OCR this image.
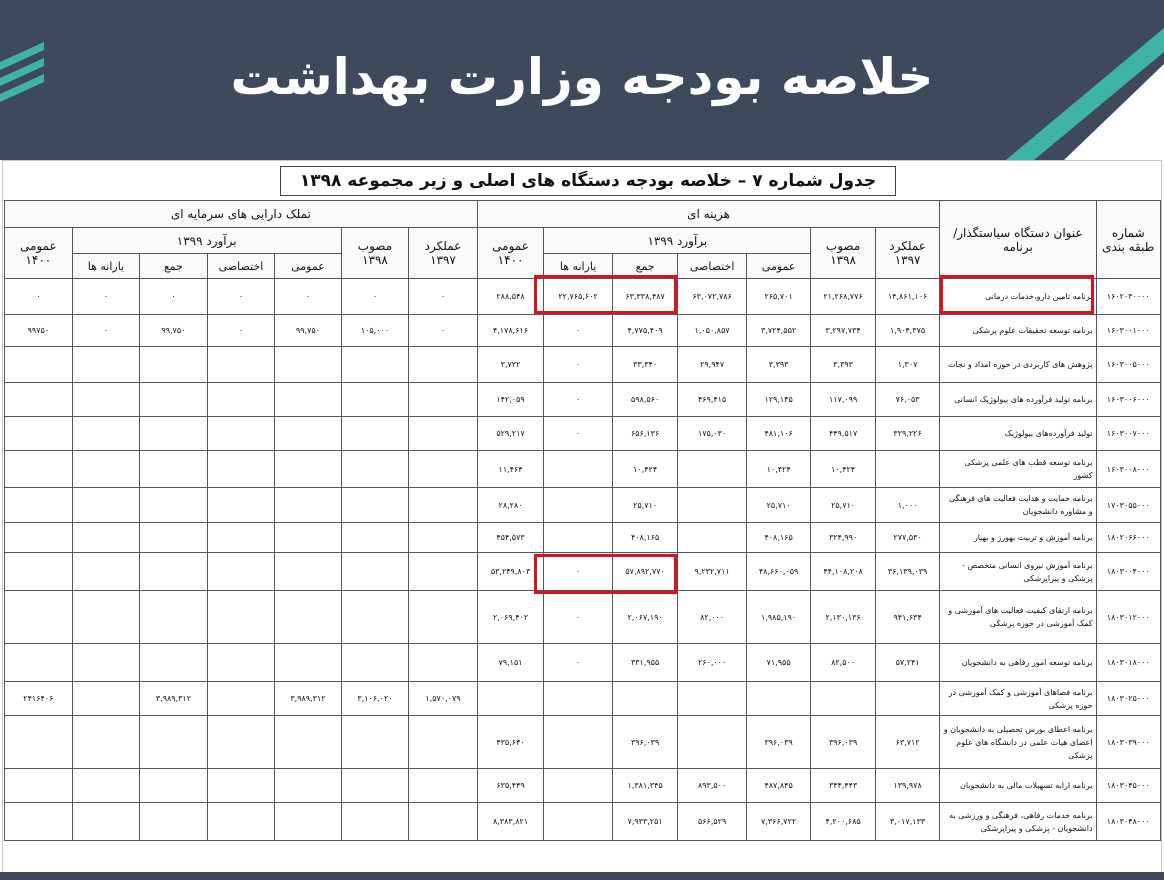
خلاصه بودجه وزارت بهداشت
جدول شماره ۷ – خلاصه بودجه دستگاه های اصلی و زیر مجموعه ۱۳۹۸
شماره طبقه بندی	عنوان دستگاه سیاستگذار/برنامه	هزینه ای							تملک دارایی های سرمایه ای						
		عملکرد ۱۳۹۷	مصوب ۱۳۹۸	برآورد ۱۳۹۹				عمومی ۱۴۰۰	عملکرد ۱۳۹۷	مصوب ۱۳۹۸	برآورد ۱۳۹۹				عمومی ۱۴۰۰
				عمومی	اختصاصی	جمع	یارانه ها				عمومی	اختصاصی	جمع	یارانه ها	
۱۶۰۲۰۳۰۰۰۰	برنامه تامین دارو،خدمات درمانی	۱۴,۸۶۱,۱۰۶	۲۱,۲۶۸,۷۷۶	۲۶۵,۷۰۱	۶۳,۰۷۲,۷۸۶	۶۳,۳۳۸,۴۸۷	۲۲,۷۶۵,۶۰۲	۲۸۸,۵۴۸	۰	۰	۰	۰	۰	۰	۰
۱۶۰۳۰۰۱۰۰۰	برنامه توسعه تحقیقات علوم پزشکی	۱,۹۰۴,۳۷۵	۳,۲۹۷,۷۳۴	۳,۷۲۴,۵۵۲	۱,۰۵۰,۸۵۷	۴,۷۷۵,۴۰۹	۰	۴,۱۷۸,۶۱۶	۰	۱۰۵,۰۰۰	۹۹,۷۵۰	۰	۹۹,۷۵۰	۰	۹۹۷۵۰
۱۶۰۳۰۰۵۰۰۰	پژوهش های کاربردی در حوزه امداد و نجات	۱,۳۰۷	۳,۳۹۳	۳,۳۹۳	۲۹,۹۴۷	۳۳,۳۴۰	۰	۳,۷۳۲							
۱۶۰۳۰۰۶۰۰۰	برنامه تولید فرآورده های بیولوژیک انسانی	۷۶,۰۵۳	۱۱۷,۰۹۹	۱۲۹,۱۴۵	۴۶۹,۴۱۵	۵۹۸,۵۶۰	۰	۱۴۲,۰۵۹							
۱۶۰۳۰۰۷۰۰۰	تولید فرآورده‌های بیولوژیک	۳۲۹,۲۲۶	۴۴۹,۵۱۷	۴۸۱,۱۰۶	۱۷۵,۰۳۰	۶۵۶,۱۳۶	۰	۵۲۹,۲۱۷							
۱۶۰۳۰۰۸۰۰۰	برنامه توسعه قطب های علمی پزشکی کشور		۱۰,۴۲۴	۱۰,۴۲۴		۱۰,۴۲۴		۱۱,۴۶۴							
۱۷۰۳۰۵۵۰۰۰	برنامه حمایت و هدایت فعالیت های فرهنگی و مشاوره دانشجویان	۱,۰۰۰	۲۵,۷۱۰	۲۵,۷۱۰		۲۵,۷۱۰		۲۸,۲۸۰							
۱۸۰۲۰۶۶۰۰۰	برنامه آموزش و تربیت بهورز و بهیار	۲۷۷,۵۳۰	۳۲۴,۹۹۰	۴۰۸,۱۶۵		۴۰۸,۱۶۵		۴۵۴,۵۷۳							
۱۸۰۳۰۰۴۰۰۰	برنامه آموزش نیروی انسانی متخصص - پزشکی و پیراپزشکی	۳۶,۱۳۹,۰۳۹	۴۴,۱۰۸,۲۰۸	۴۸,۶۶۰,۰۵۹	۹,۲۳۲,۷۱۱	۵۷,۸۹۲,۷۷۰	۰	۵۳,۲۴۹,۸۰۳							
۱۸۰۳۰۱۲۰۰۰	برنامه ارتقای کیفیت فعالیت های آموزشی و کمک آموزشی در حوزه پزشکی	۹۴۱,۶۳۴	۲,۱۳۰,۱۳۶	۱,۹۸۵,۱۹۰	۸۲,۰۰۰	۲,۰۶۷,۱۹۰	۰	۲,۰۶۹,۴۰۲							
۱۸۰۳۰۱۸۰۰۰	برنامه توسعه امور رفاهی به دانشجویان	۵۷,۲۴۱	۸۲,۵۰۰	۷۱,۹۵۵	۲۶۰,۰۰۰	۳۳۱,۹۵۵	۰	۷۹,۱۵۱							
۱۸۰۳۰۲۵۰۰۰	برنامه فضاهای آموزشی و کمک آموزشی در حوزه پزشکی								۱,۵۷۰,۰۷۹	۳,۱۰۶,۰۲۰	۳,۹۸۹,۳۱۲		۳,۹۸۹,۳۱۲		۲۴۱۶۴۰۶
۱۸۰۳۰۳۹۰۰۰	برنامه اعطای بورس تحصیلی به دانشجویان و اعضای هیات علمی در دانشگاه های علوم پزشکی	۶۳,۷۱۲	۳۹۶,۰۳۹	۳۹۶,۰۳۹		۳۹۶,۰۳۹		۴۳۵,۶۴۰							
۱۸۰۳۰۴۵۰۰۰	برنامه ارایه تسهیلات مالی به دانشجویان	۱۳۹,۹۷۸	۳۴۴,۴۴۳	۴۸۷,۸۴۵	۸۹۳,۵۰۰	۱,۳۸۱,۳۴۵		۶۳۵,۴۴۹							
۱۸۰۳۰۴۸۰۰۰	برنامه خدمات رفاهی، فرهنگی و ورزشی به دانشجویان - پزشکی و پیراپزشکی	۳,۰۱۷,۱۳۳	۴,۲۰۰,۶۸۵	۷,۳۶۶,۷۲۲	۵۶۶,۵۲۹	۷,۹۳۳,۲۵۱		۸,۳۸۳,۸۲۱							
